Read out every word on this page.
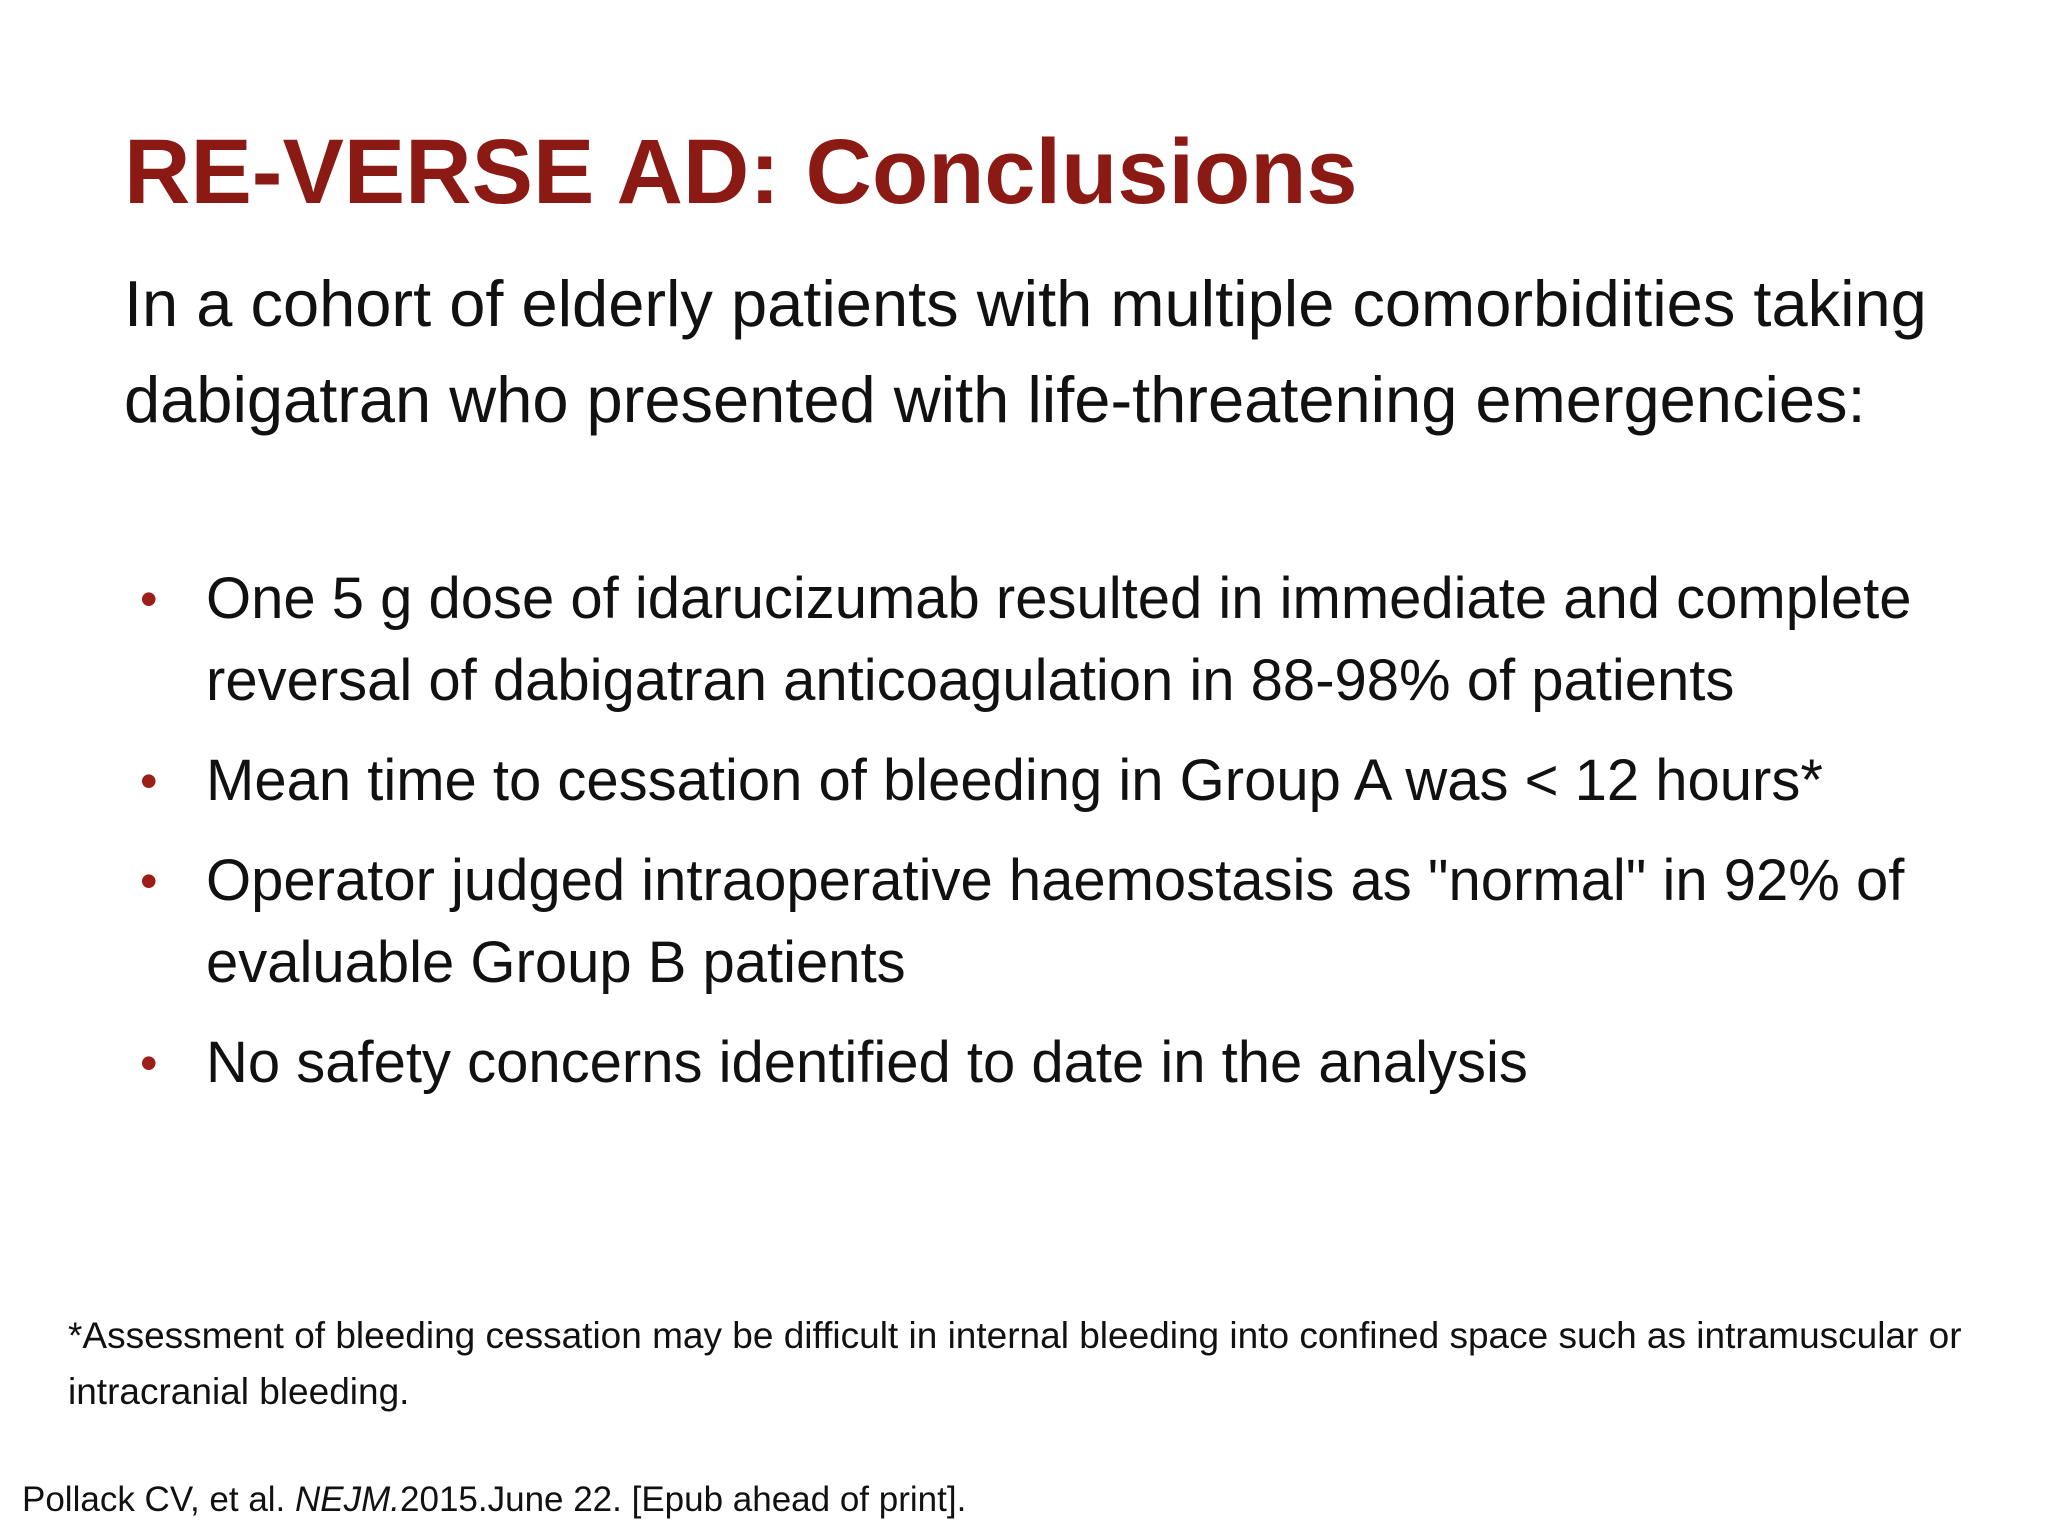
RE-VERSE AD: Conclusions

In a cohort of elderly patients with multiple comorbidities taking dabigatran who presented with life-threatening emergencies:

• One 5 g dose of idarucizumab resulted in immediate and complete reversal of dabigatran anticoagulation in 88-98% of patients
• Mean time to cessation of bleeding in Group A was < 12 hours*
• Operator judged intraoperative haemostasis as "normal" in 92% of evaluable Group B patients
• No safety concerns identified to date in the analysis

*Assessment of bleeding cessation may be difficult in internal bleeding into confined space such as intramuscular or intracranial bleeding.

Pollack CV, et al. NEJM.2015.June 22. [Epub ahead of print].
